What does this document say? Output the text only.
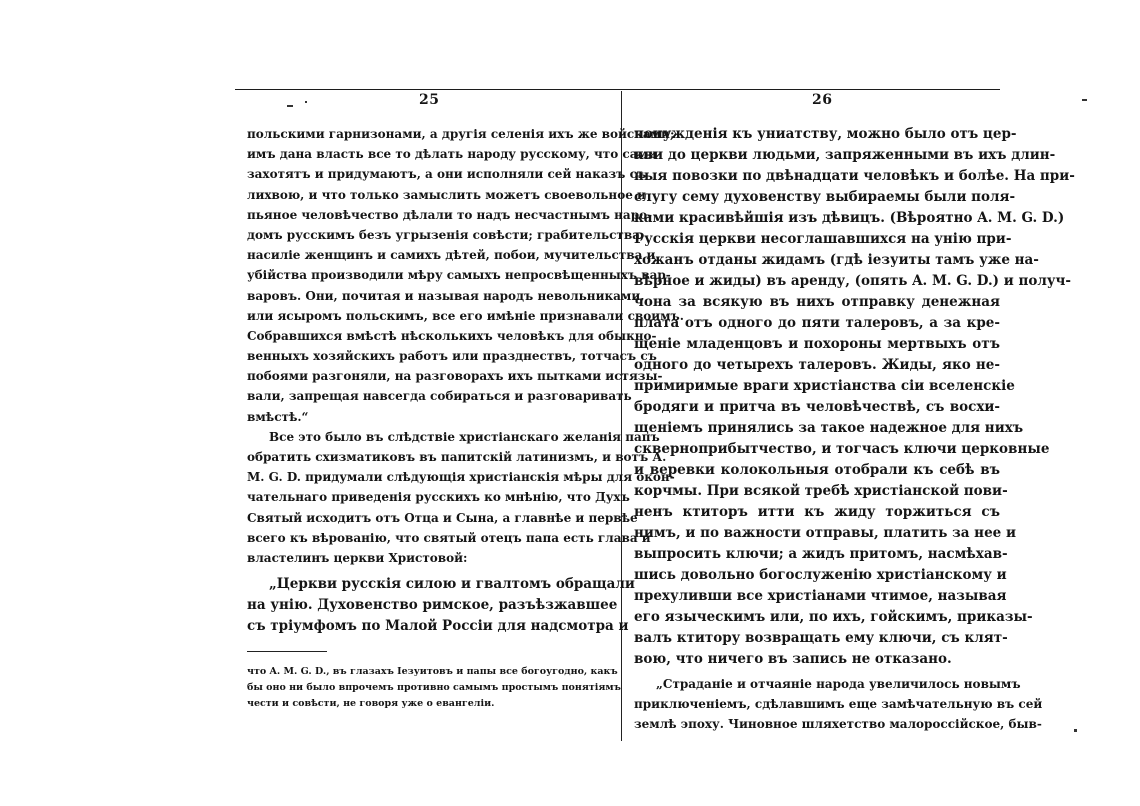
25	26
польскими гарнизонами, а другія селенія ихъ же войсками;
имъ дана власть все то дѣлать народу русскому, что сами
захотятъ и придумаютъ, а они исполняли сей наказъ съ
лихвою, и что только замыслить можетъ своевольное и
пьяное человѣчество дѣлали то надъ несчастнымъ наро-
домъ русскимъ безъ угрызенія совѣсти; грабительства,
насиліе женщинъ и самихъ дѣтей, побои, мучительства и
убійства производили мѣру самыхъ непросвѣщенныхъ вар-
варовъ. Они, почитая и называя народъ невольниками,
или ясыромъ польскимъ, все его имѣніе признавали своимъ.
Собравшихся вмѣстѣ нѣсколькихъ человѣкъ для обыкно-
венныхъ хозяйскихъ работъ или празднествъ, тотчасъ съ
побоями разгоняли, на разговорахъ ихъ пытками истязы-
вали, запрещая навсегда собираться и разговаривать
вмѣстѣ.“
Все это было въ слѣдствіе христіанскаго желанія папъ
обратить схизматиковъ въ папитскій латинизмъ, и вотъ А.
M. G. D. придумали слѣдующія христіанскія мѣры для окон-
чательнаго приведенія русскихъ ко мнѣнію, что Духъ
Святый исходитъ отъ Отца и Сына, а главнѣе и первѣе
всего къ вѣрованію, что святый отецъ папа есть глава и
властелинъ церкви Христовой:
„Церкви русскія силою и гвалтомъ обращали
на унію. Духовенство римское, разъѣзжавшее
съ тріумфомъ по Малой Россіи для надсмотра и
что A. M. G. D., въ глазахъ Іезуитовъ и папы все богоугодно, какъ
бы оно ни было впрочемъ противно самымъ простымъ понятіямъ
чести и совѣсти, не говоря уже о евангеліи.
понужденія къ униатству, можно было отъ цер-
кви до церкви людьми, запряженными въ ихъ длин-
ныя повозки по двѣнадцати человѣкъ и болѣе. На при-
слугу сему духовенству выбираемы были поля-
ками красивѣйшія изъ дѣвицъ. (Вѣроятно A. M. G. D.)
Русскія церкви несоглашавшихся на унію при-
хожанъ отданы жидамъ (гдѣ іезуиты тамъ уже на-
вѣрное и жиды) въ аренду, (опять A. M. G. D.) и получ-
чона за всякую въ нихъ отправку денежная
плата отъ одного до пяти талеровъ, а за кре-
щеніе младенцовъ и похороны мертвыхъ отъ
одного до четырехъ талеровъ. Жиды, яко не-
примиримые враги христіанства сіи вселенскіе
бродяги и притча въ человѣчествѣ, съ восхи-
щеніемъ принялись за такое надежное для нихъ
сквернoприбытчество, и тогчасъ ключи церковные
и веревки колокольныя отобрали къ себѣ въ
корчмы. При всякой требѣ христіанской пови-
ненъ ктиторъ итти къ жиду торжиться съ
нимъ, и по важности отправы, платить за нее и
выпросить ключи; а жидъ притомъ, насмѣхав-
шись довольно богослуженію христіанскому и
прехуливши все христіанами чтимое, называя
его языческимъ или, по ихъ, гойскимъ, приказы-
валъ ктитору возвращать ему ключи, съ клят-
вою, что ничего въ запись не отказано.
„Страданіе и отчаяніе народа увеличилось новымъ
приключеніемъ, сдѣлавшимъ еще замѣчательную въ сей
землѣ эпоху. Чиновное шляхетство малороссійское, быв-
